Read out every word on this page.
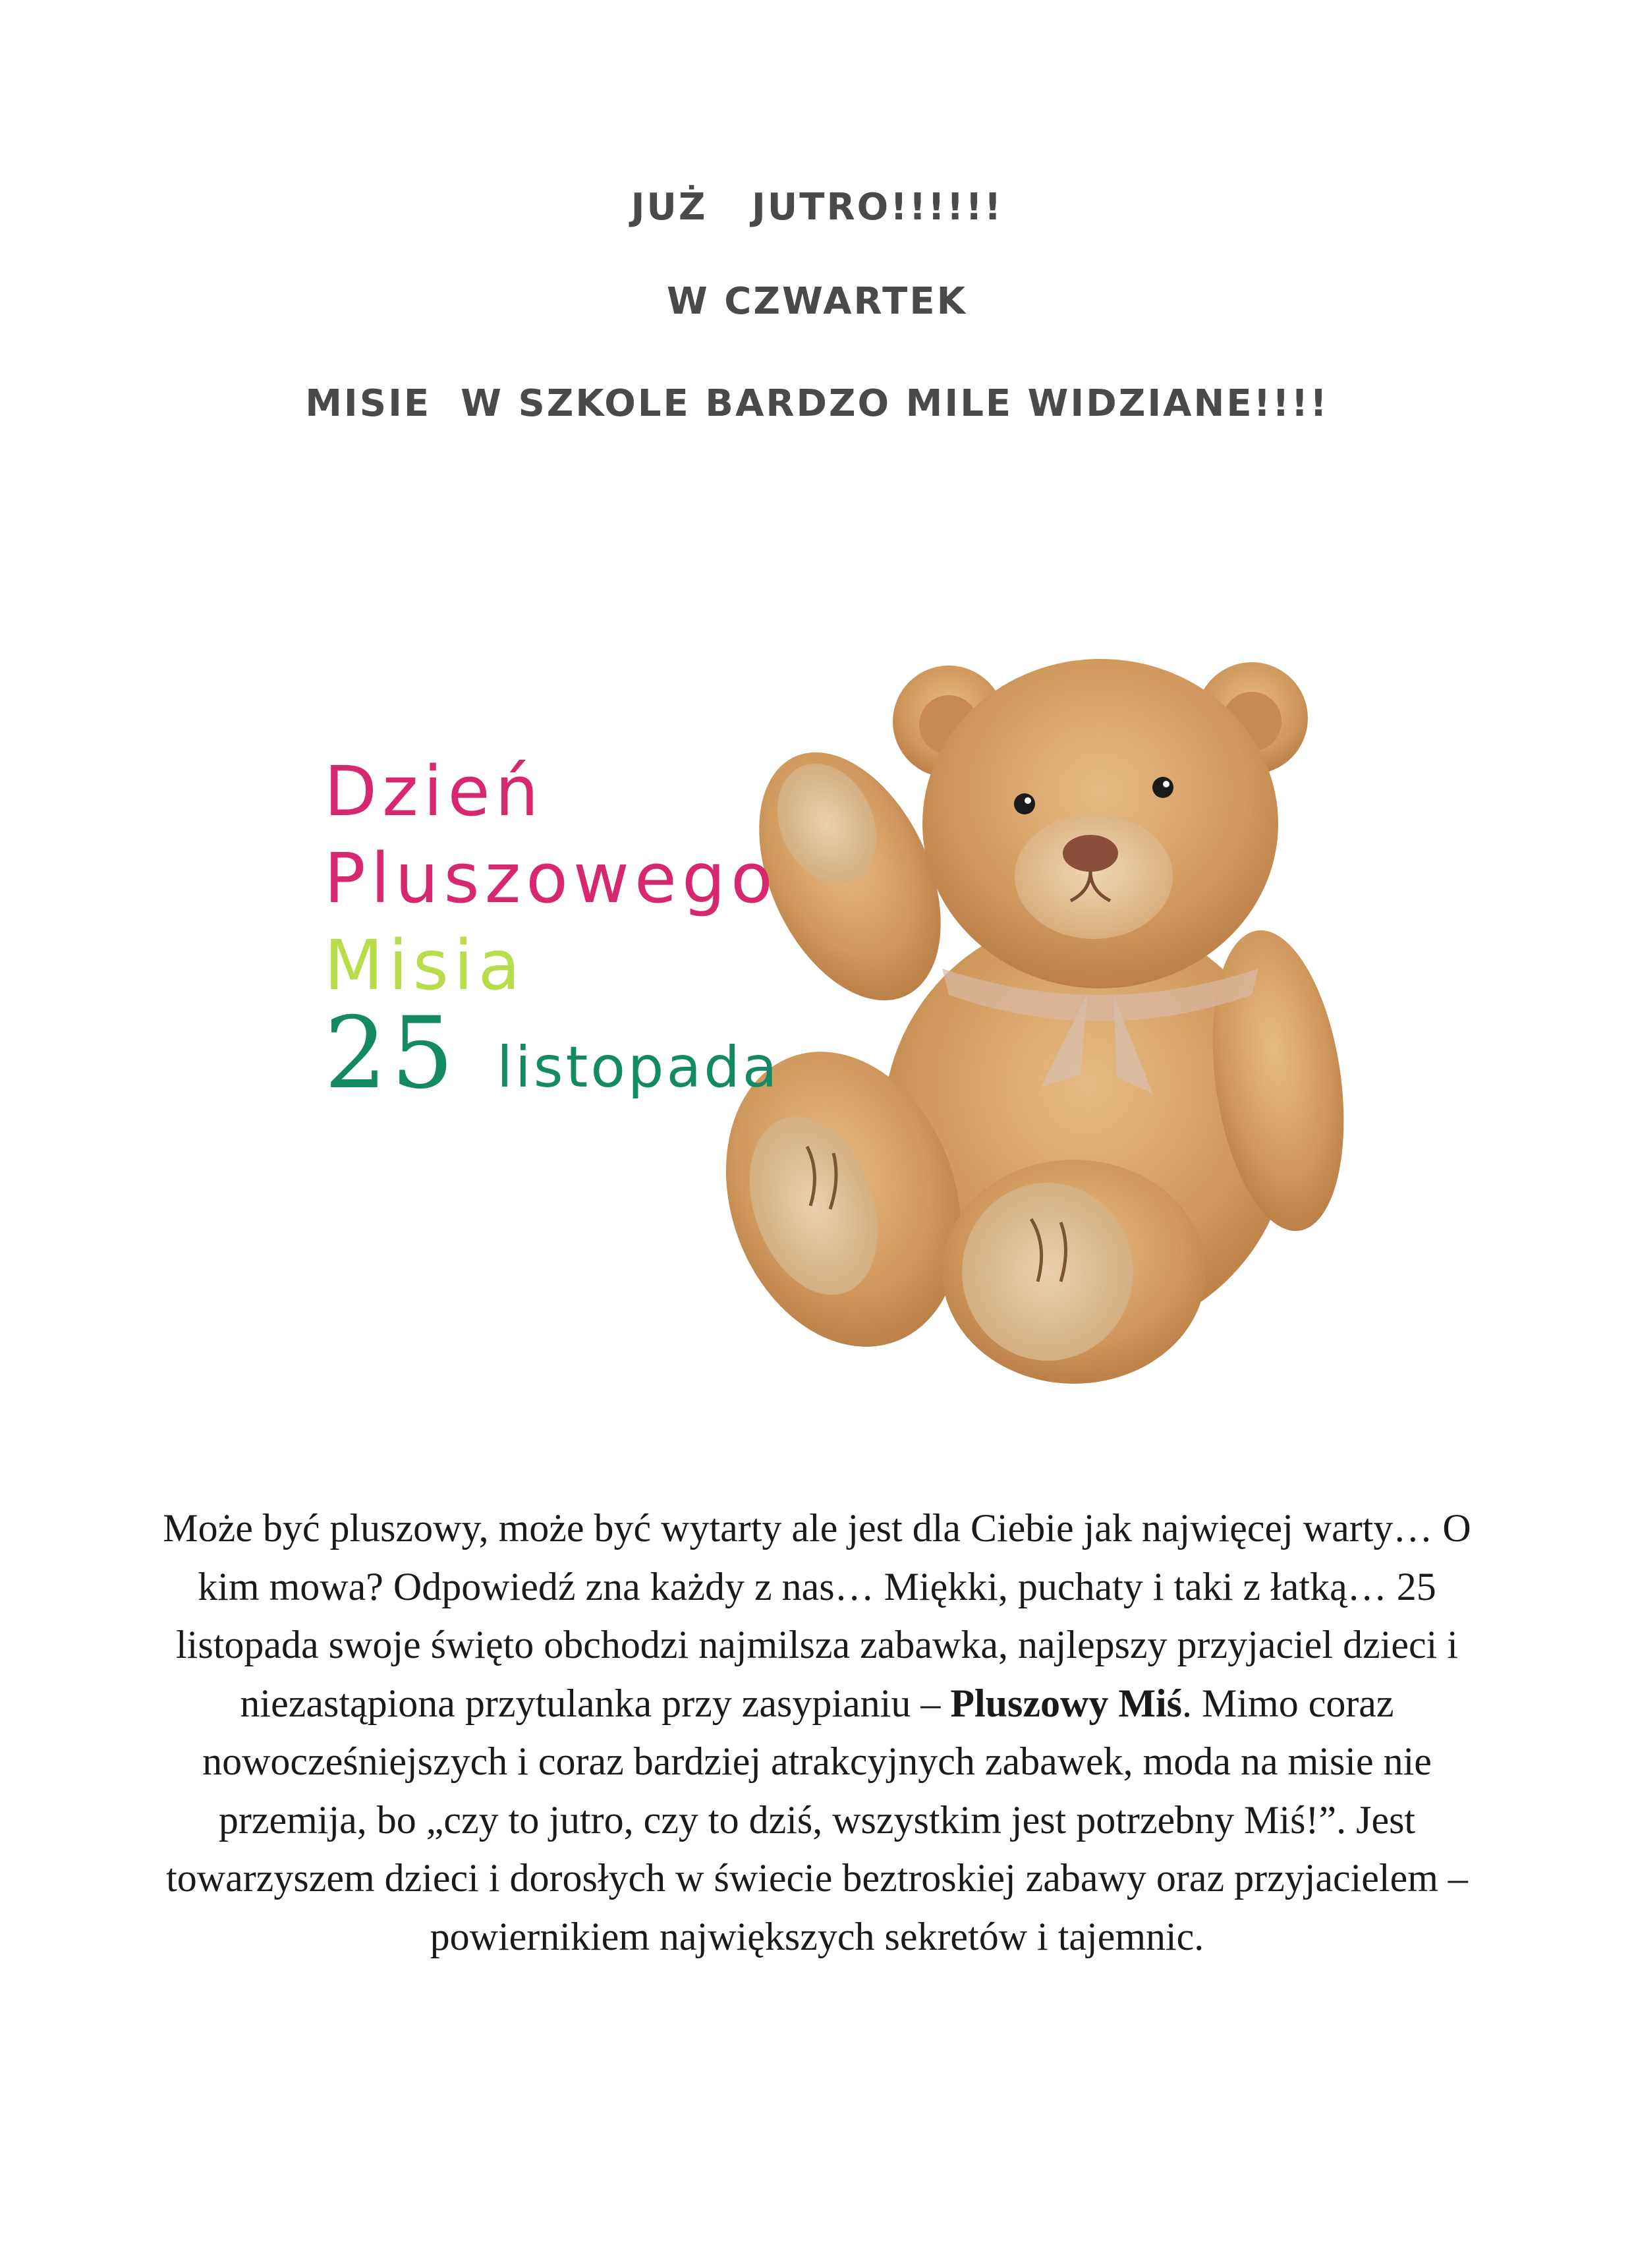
JUŻ   JUTRO!!!!!!
W CZWARTEK
MISIE  W SZKOLE BARDZO MILE WIDZIANE!!!!
Dzień
Pluszowego
Misia
25 listopada
Może być pluszowy, może być wytarty ale jest dla Ciebie jak najwięcej warty… O kim mowa? Odpowiedź zna każdy z nas… Miękki, puchaty i taki z łatką… 25 listopada swoje święto obchodzi najmilsza zabawka, najlepszy przyjaciel dzieci i niezastąpiona przytulanka przy zasypianiu – Pluszowy Miś. Mimo coraz nowocześniejszych i coraz bardziej atrakcyjnych zabawek, moda na misie nie przemija, bo „czy to jutro, czy to dziś, wszystkim jest potrzebny Miś!”. Jest towarzyszem dzieci i dorosłych w świecie beztroskiej zabawy oraz przyjacielem – powiernikiem największych sekretów i tajemnic.
